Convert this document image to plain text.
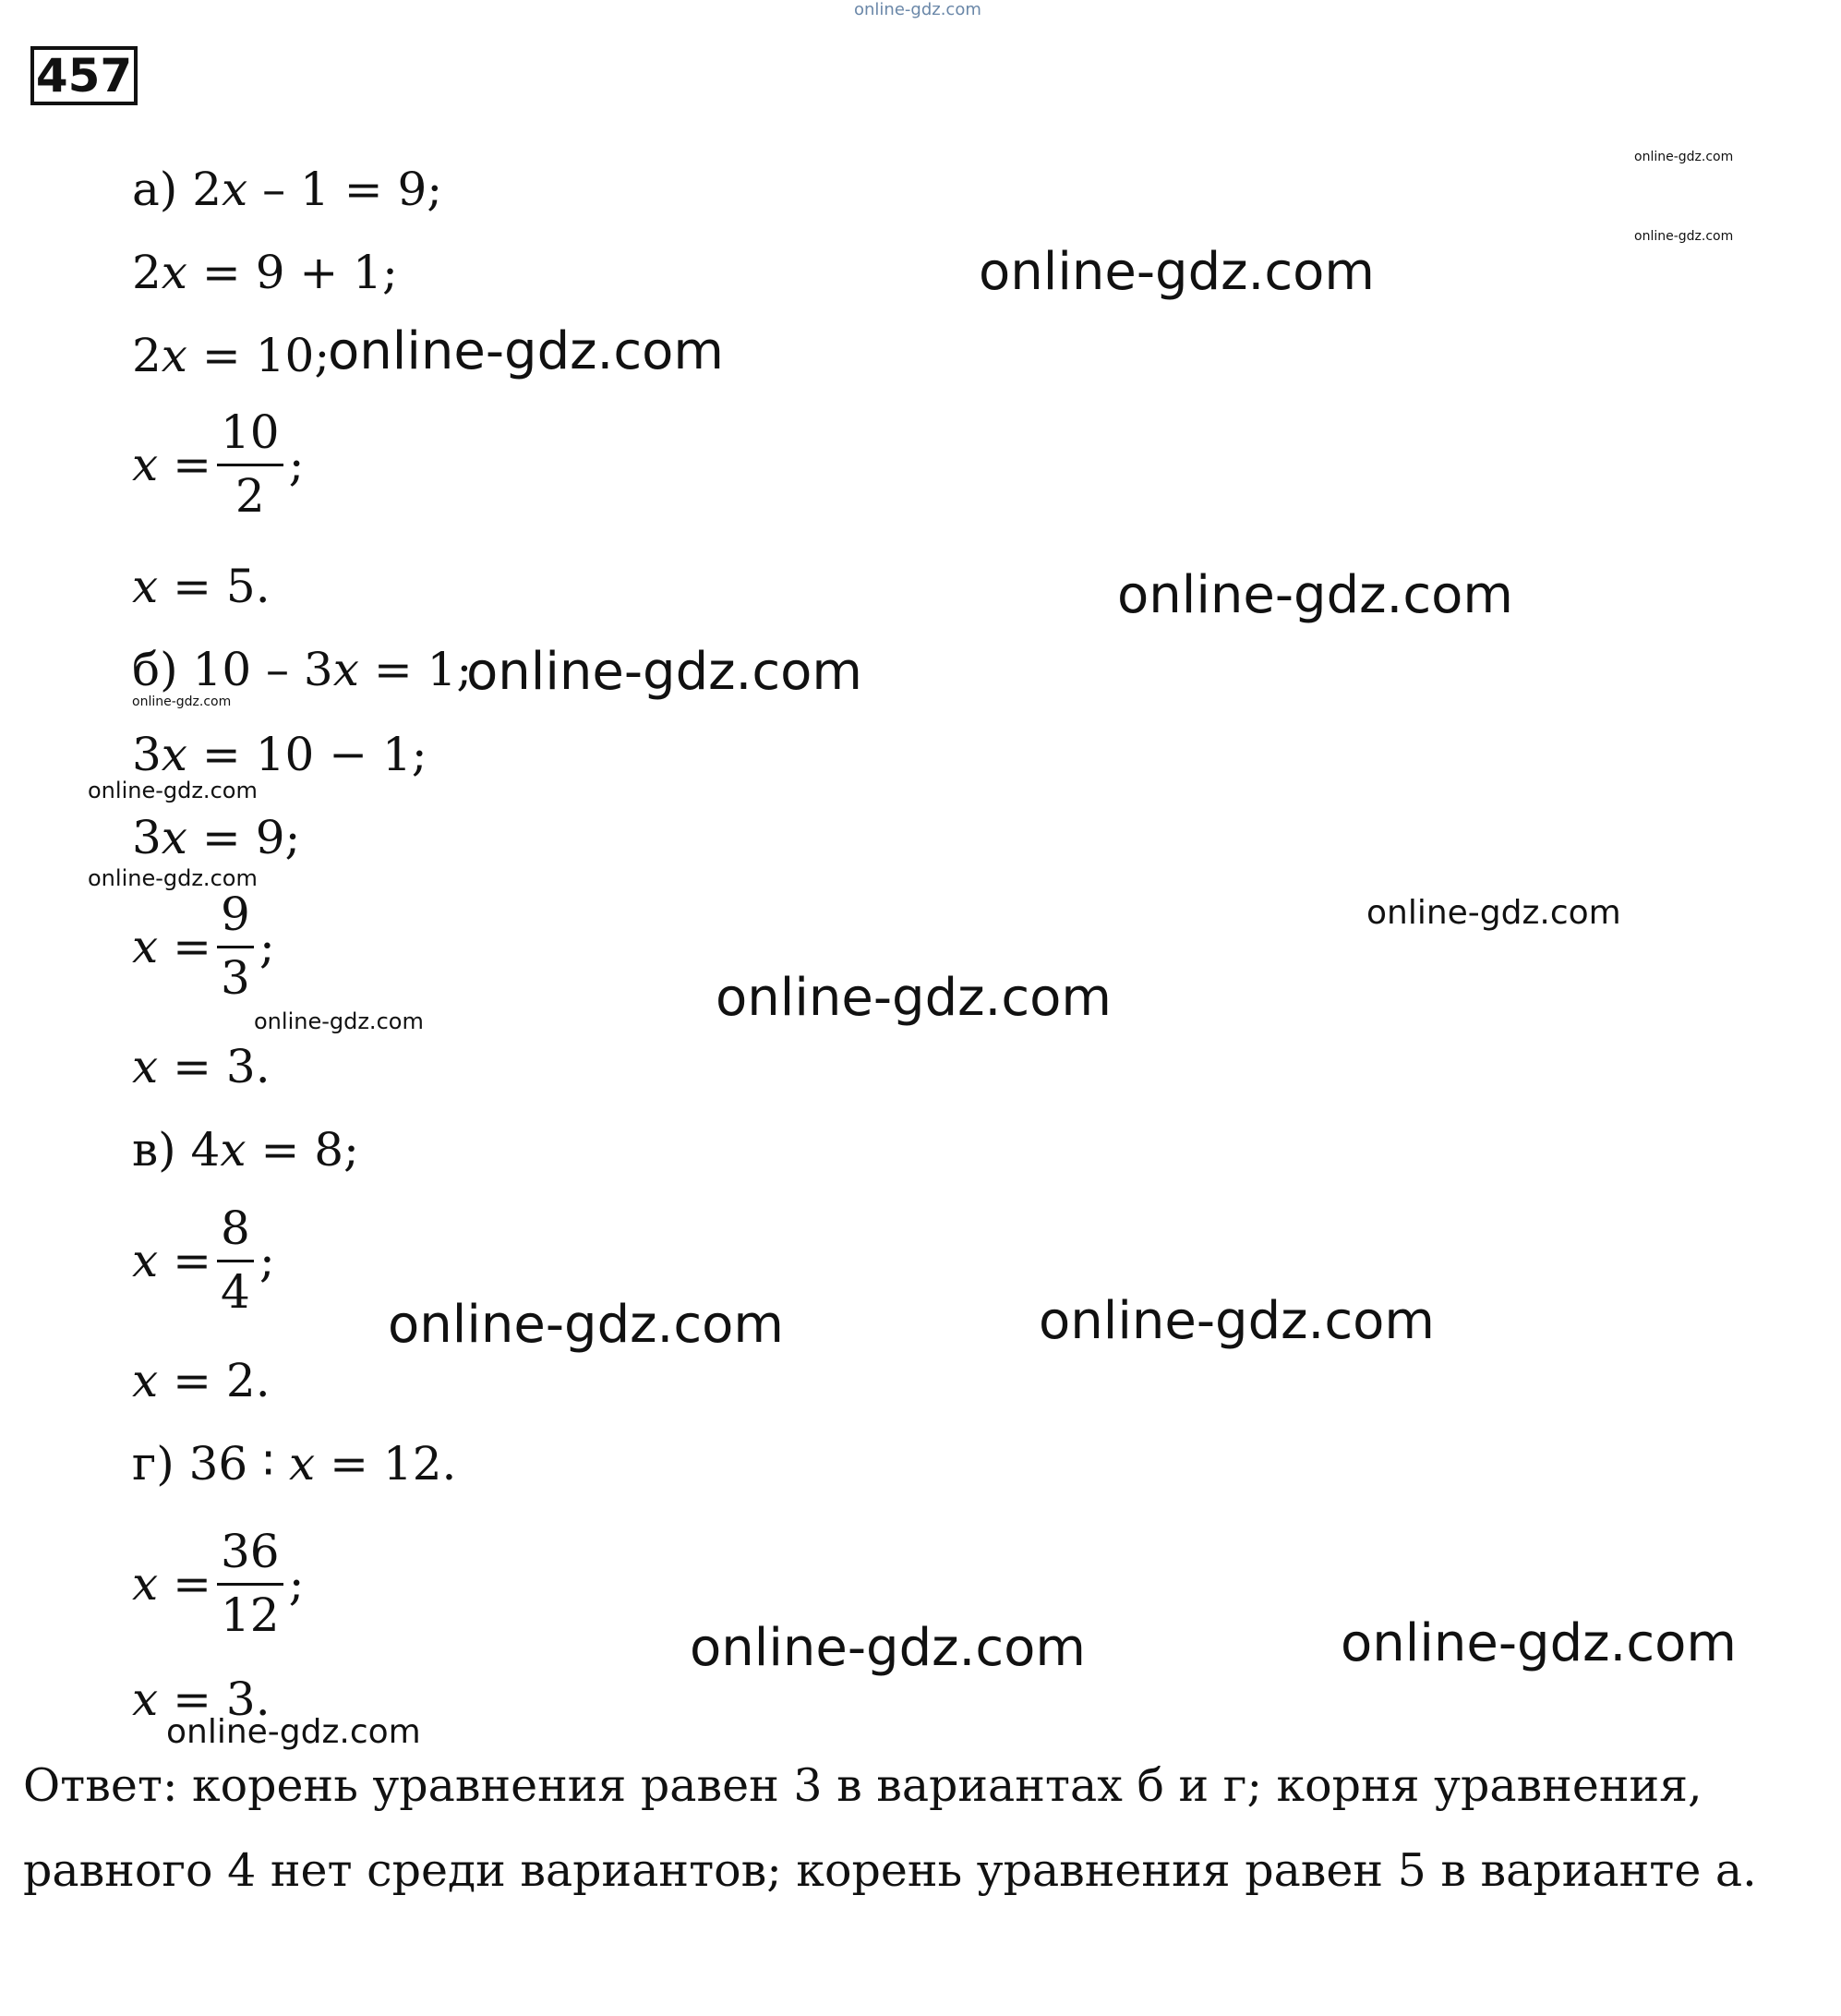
457
а) 2𝑥 – 1 = 9;
2𝑥 = 9 + 1;
2𝑥 = 10;
𝑥 = $\frac{10}{2}$ ;
𝑥 = 5.
б) 10 – 3𝑥 = 1;
3𝑥 = 10 − 1;
3𝑥 = 9;
𝑥 = $\frac{9}{3}$ ;
𝑥 = 3.
в) 4𝑥 = 8;
𝑥 = $\frac{8}{4}$ ;
𝑥 = 2.
г) 36 ∶ 𝑥 = 12.
𝑥 = $\frac{36}{12}$ ;
𝑥 = 3.
Ответ: корень уравнения равен 3 в вариантах б и г; корня уравнения,
равного 4 нет среди вариантов; корень уравнения равен 5 в варианте а.
online-gdz.com
online-gdz.com
online-gdz.com
online-gdz.com
online-gdz.com
online-gdz.com
online-gdz.com
online-gdz.com
online-gdz.com
online-gdz.com
online-gdz.com
online-gdz.com
online-gdz.com
online-gdz.com	online-gdz.com
online-gdz.com	online-gdz.com
online-gdz.com
